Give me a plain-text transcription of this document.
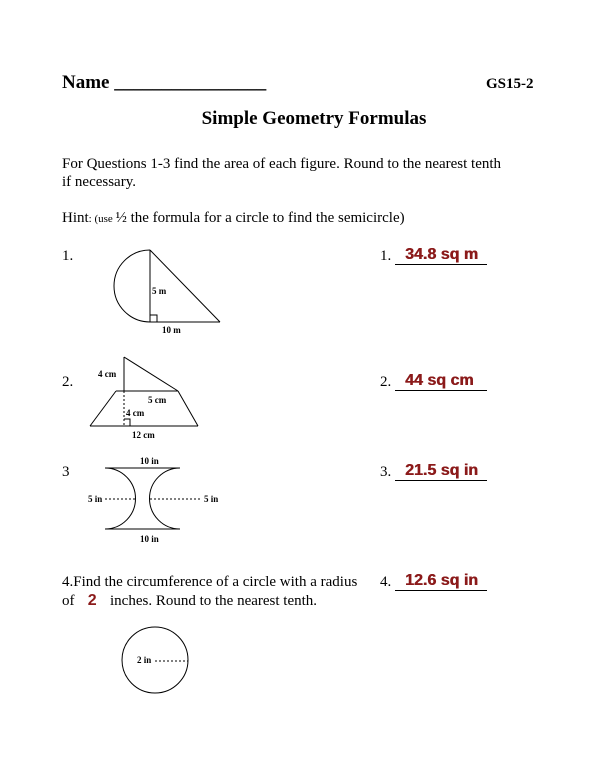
Name ________________	GS15-2
Simple Geometry Formulas
For Questions 1-3 find the area of each figure. Round to the nearest tenth
if necessary.
Hint: (use ½ the formula for a circle to find the semicircle)
1.	1. 34.8 sq m
5 m
10 m
2.	2. 44 sq cm
4 cm
5 cm
4 cm
12 cm
3	3. 21.5 sq in
10 in
5 in	5 in
10 in
4.Find the circumference of a circle with a radius
of 2 inches. Round to the nearest tenth.
4. 12.6 sq in
2 in
